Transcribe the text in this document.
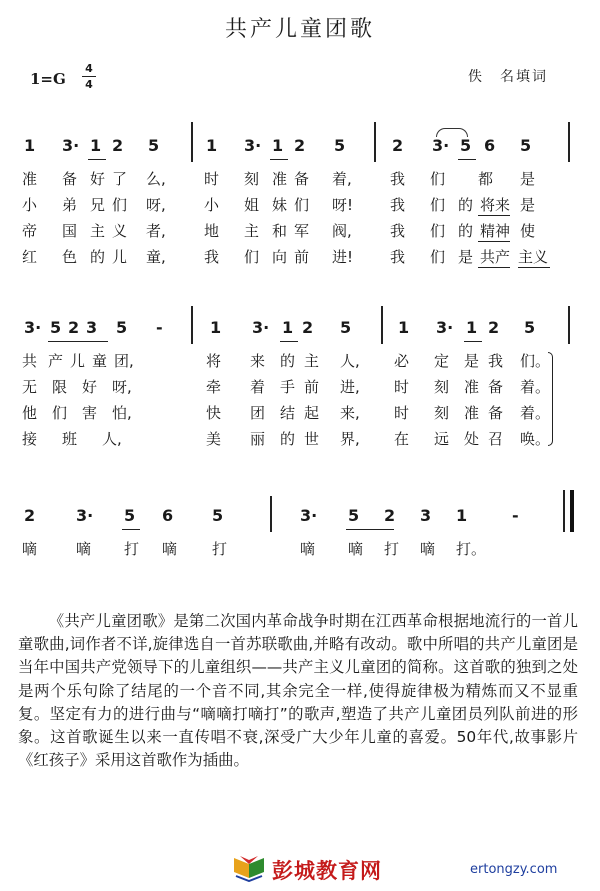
共产儿童团歌
1=G
4
4	佚　名填词
1 3· 1 2 5	1 3· 1 2 5	2 3· 5 6 5
准 备 好 了 么,	时 刻 准 备 着,	我 们 都 是
小 弟 兄 们 呀,	小 姐 妹 们 呀! 我 们 的 将来 是
帝 国 主 义 者,	地 主 和 军 阀,	我 们 的 精神 使
红 色 的 儿 童,	我 们 向 前 进! 我 们 是 共产 主义
3· 5 2 3 5 -	1 3· 1 2 5	1 3· 1 2 5
共 产 儿 童 团,	将 来 的 主 人, 必 定 是 我 们。
无 限 好 呀,	牵 着 手 前 进, 时 刻 准 备 着。
他 们 害 怕,	快 团 结 起 来, 时 刻 准 备 着。
接 班 人,	美 丽 的 世 界, 在 远 处 召 唤。
2	3· 5 6 5	3· 5 2 3 1	-
嘀	嘀 打 嘀 打	嘀 嘀 打 嘀 打。
《共产儿童团歌》是第二次国内革命战争时期在江西革命根据地流行的一首儿童歌曲,词作者不详,旋律选自一首苏联歌曲,并略有改动。歌中所唱的共产儿童团是当年中国共产党领导下的儿童组织——共产主义儿童团的简称。这首歌的独到之处是两个乐句除了结尾的一个音不同,其余完全一样,使得旋律极为精炼而又不显重复。坚定有力的进行曲与“嘀嘀打嘀打”的歌声,塑造了共产儿童团员列队前进的形象。这首歌诞生以来一直传唱不衰,深受广大少年儿童的喜爱。50年代,故事影片《红孩子》采用这首歌作为插曲。
彭城教育网	ertongzy.com
